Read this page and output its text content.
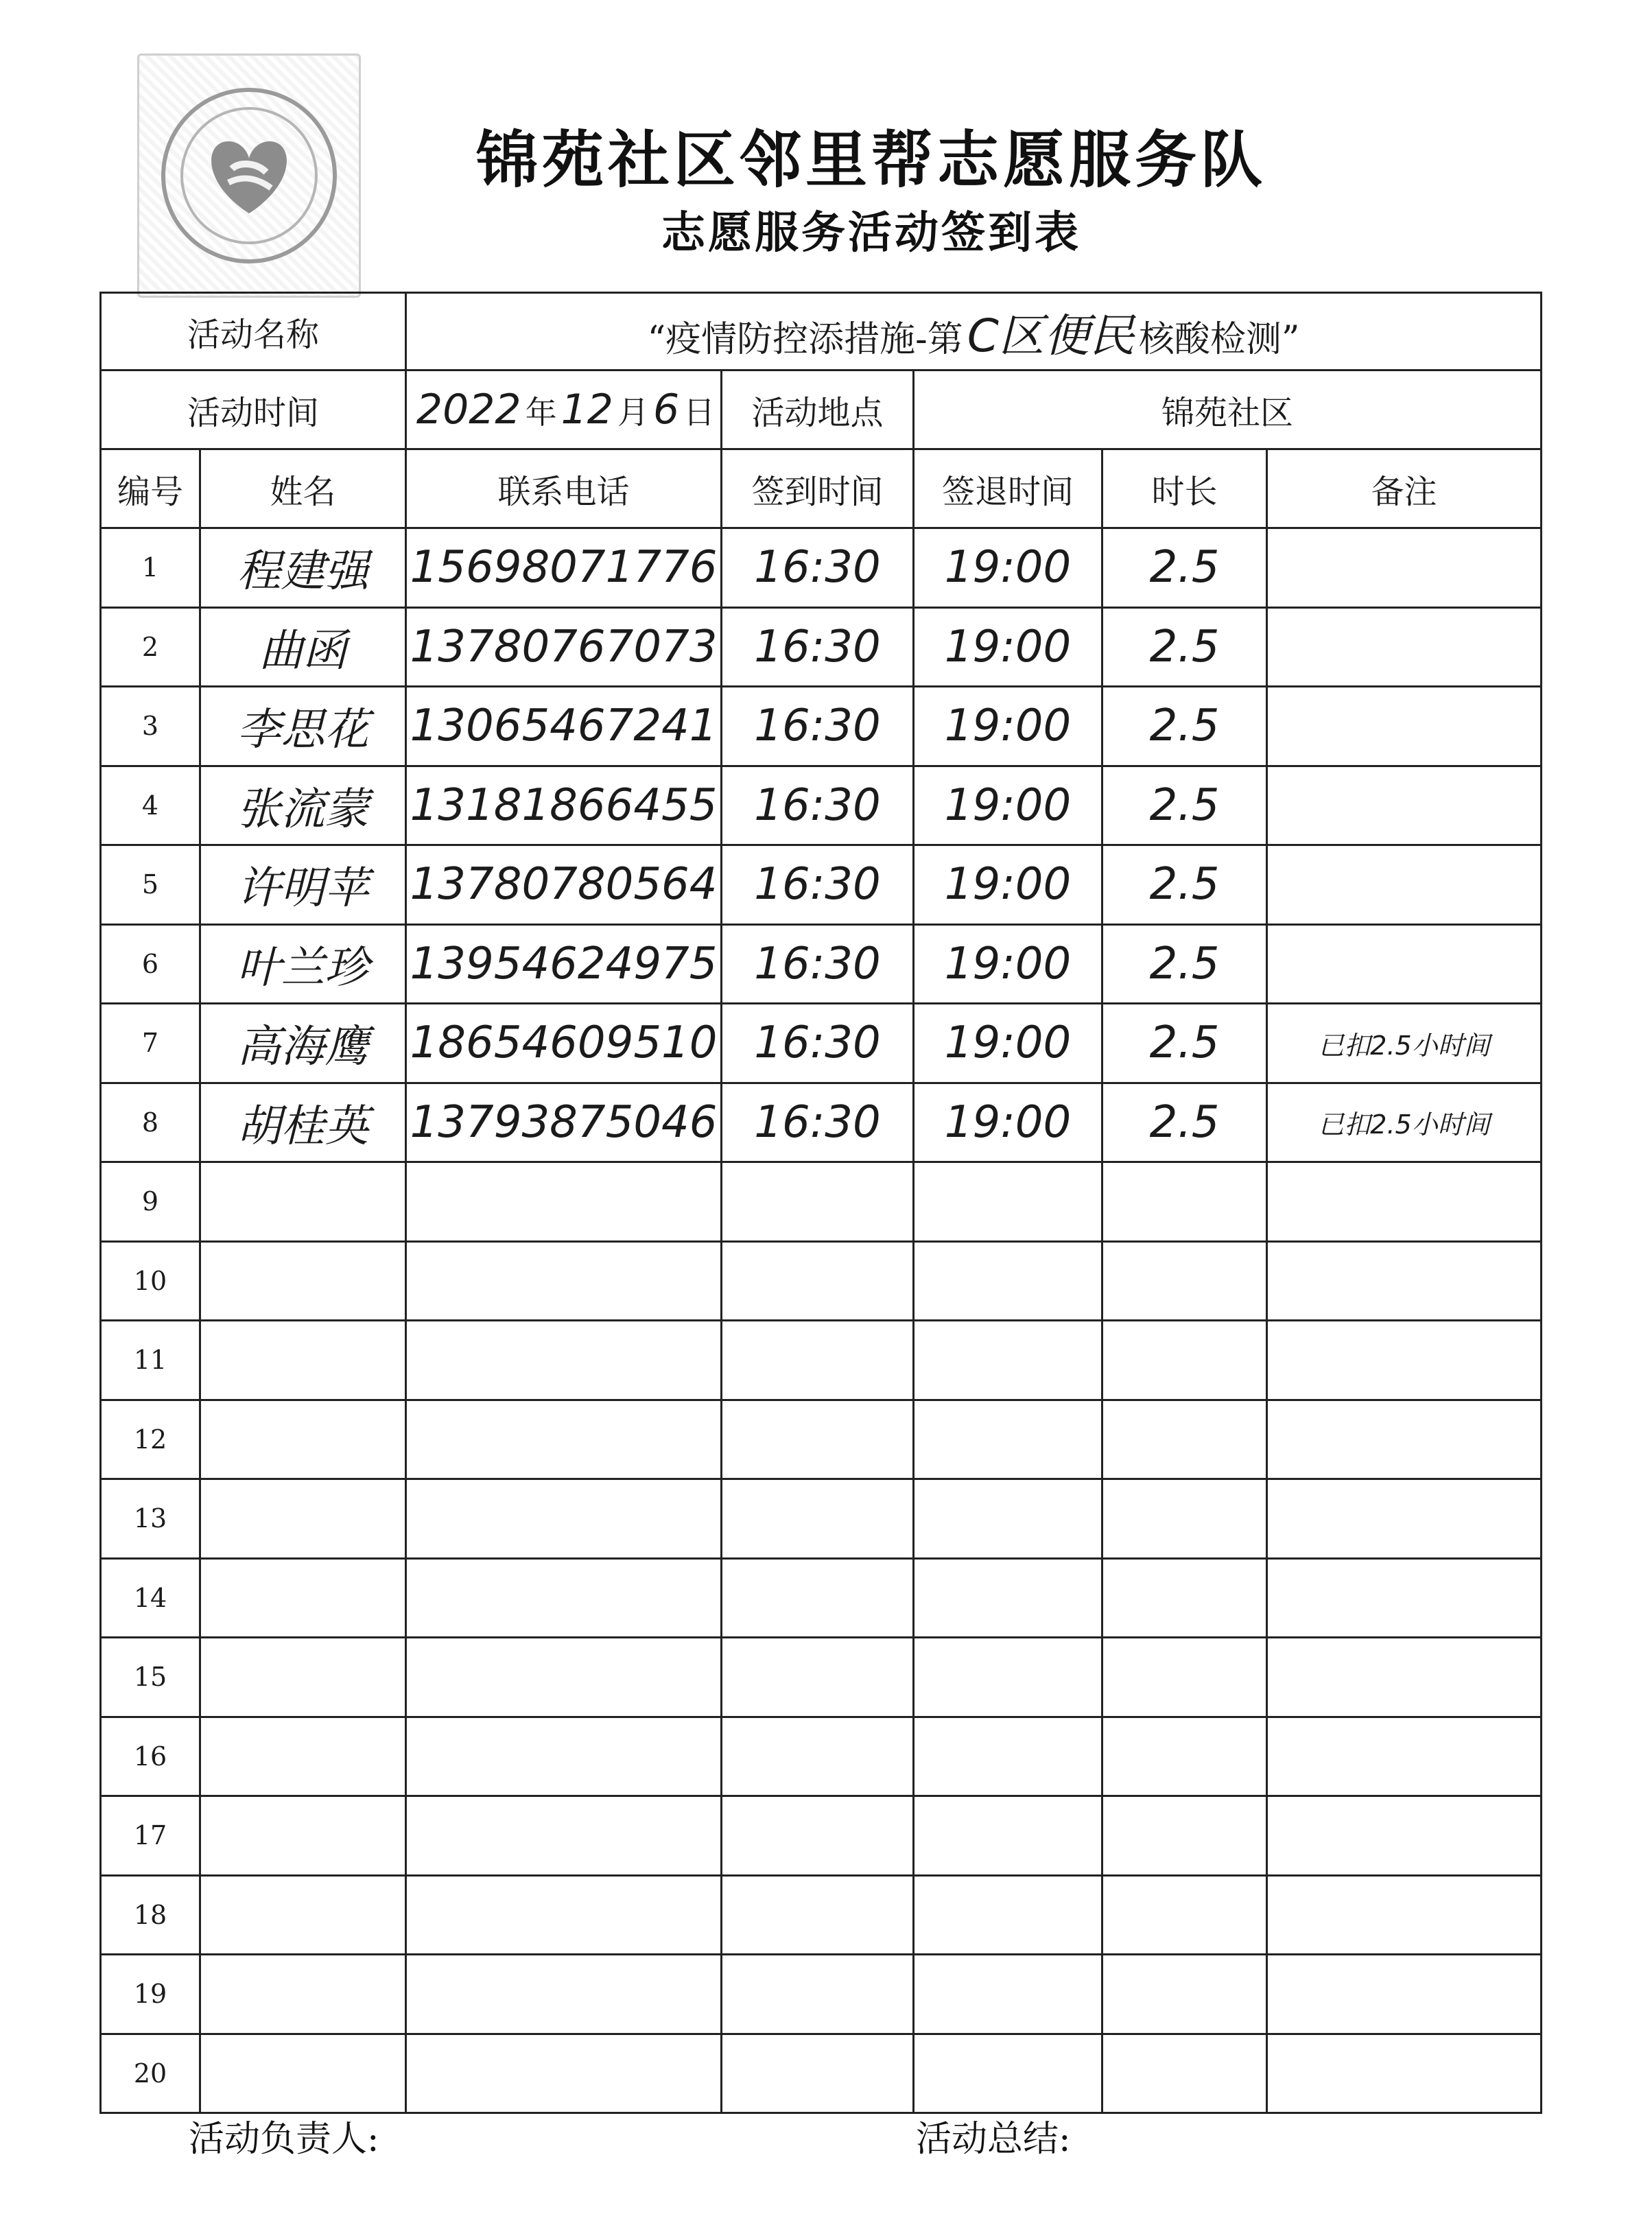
锦苑社区邻里帮志愿服务队
志愿服务活动签到表
活动名称		“疫情防控添措施-第C区便民 核酸检测”				
活动时间		2022 年 12 月 6 日	活动地点	锦苑社区		
编号	姓名	联系电话	签到时间	签退时间	时长	备注
1	程建强	15698071776	16:30	19:00	2.5	
2	曲函	13780767073	16:30	19:00	2.5	
3	李思花	13065467241	16:30	19:00	2.5	
4	张流蒙	13181866455	16:30	19:00	2.5	
5	许明苹	13780780564	16:30	19:00	2.5	
6	叶兰珍	13954624975	16:30	19:00	2.5	
7	高海鹰	18654609510	16:30	19:00	2.5	已扣2.5小时间
8	胡桂英	13793875046	16:30	19:00	2.5	已扣2.5小时间
9						
10						
11						
12						
13						
14						
15						
16						
17						
18						
19						
20						
活动负责人:	活动总结:
